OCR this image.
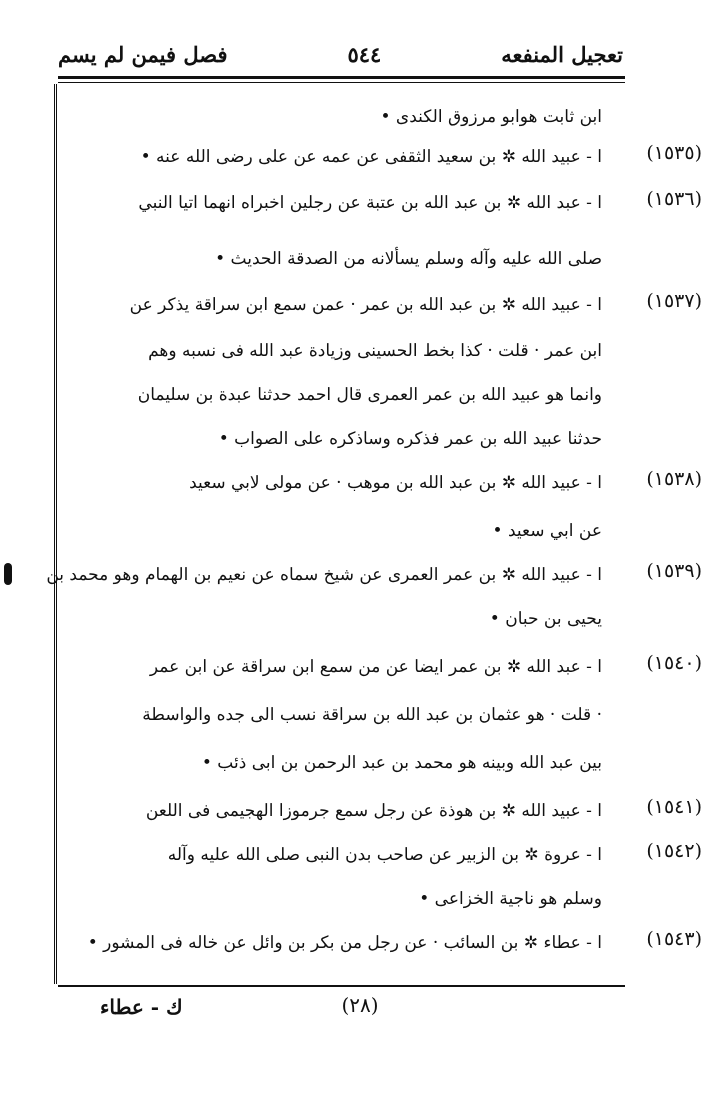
تعجيل المنفعه
٥٤٤
فصل فيمن لم يسم
ابن ثابت هوابو مرزوق الكندى •
(١٥٣٥)
ا - عبيد الله ✲ بن سعيد الثقفى عن عمه عن على رضى الله عنه •
(١٥٣٦)
ا - عبد الله ✲ بن عبد الله بن عتبة عن رجلين اخبراه انهما اتيا النبي
صلى الله عليه وآله وسلم يسألانه من الصدقة الحديث •
(١٥٣٧)
ا - عبيد الله ✲ بن عبد الله بن عمر · عمن سمع ابن سراقة يذكر عن
ابن عمر · قلت · كذا بخط الحسينى وزيادة عبد الله فى نسبه وهم
وانما هو عبيد الله بن عمر العمرى قال احمد حدثنا عبدة بن سليمان
حدثنا عبيد الله بن عمر فذكره وساذكره على الصواب •
(١٥٣٨)
ا - عبيد الله ✲ بن عبد الله بن موهب · عن مولى لابي سعيد
عن ابي سعيد •
(١٥٣٩)
ا - عبيد الله ✲ بن عمر العمرى عن شيخ سماه عن نعيم بن الهمام وهو محمد بن
يحيى بن حبان •
(١٥٤٠)
ا - عبد الله ✲ بن عمر ايضا عن من سمع ابن سراقة عن ابن عمر
· قلت · هو عثمان بن عبد الله بن سراقة نسب الى جده والواسطة
بين عبد الله وبينه هو محمد بن عبد الرحمن بن ابى ذئب •
(١٥٤١)
ا - عبيد الله ✲ بن هوذة عن رجل سمع جرموزا الهجيمى فى اللعن
(١٥٤٢)
ا - عروة ✲ بن الزبير عن صاحب بدن النبى صلى الله عليه وآله
وسلم هو ناجية الخزاعى •
(١٥٤٣)
ا - عطاء ✲ بن السائب · عن رجل من بكر بن وائل عن خاله فى المشور •
(٢٨)
ك - عطاء
